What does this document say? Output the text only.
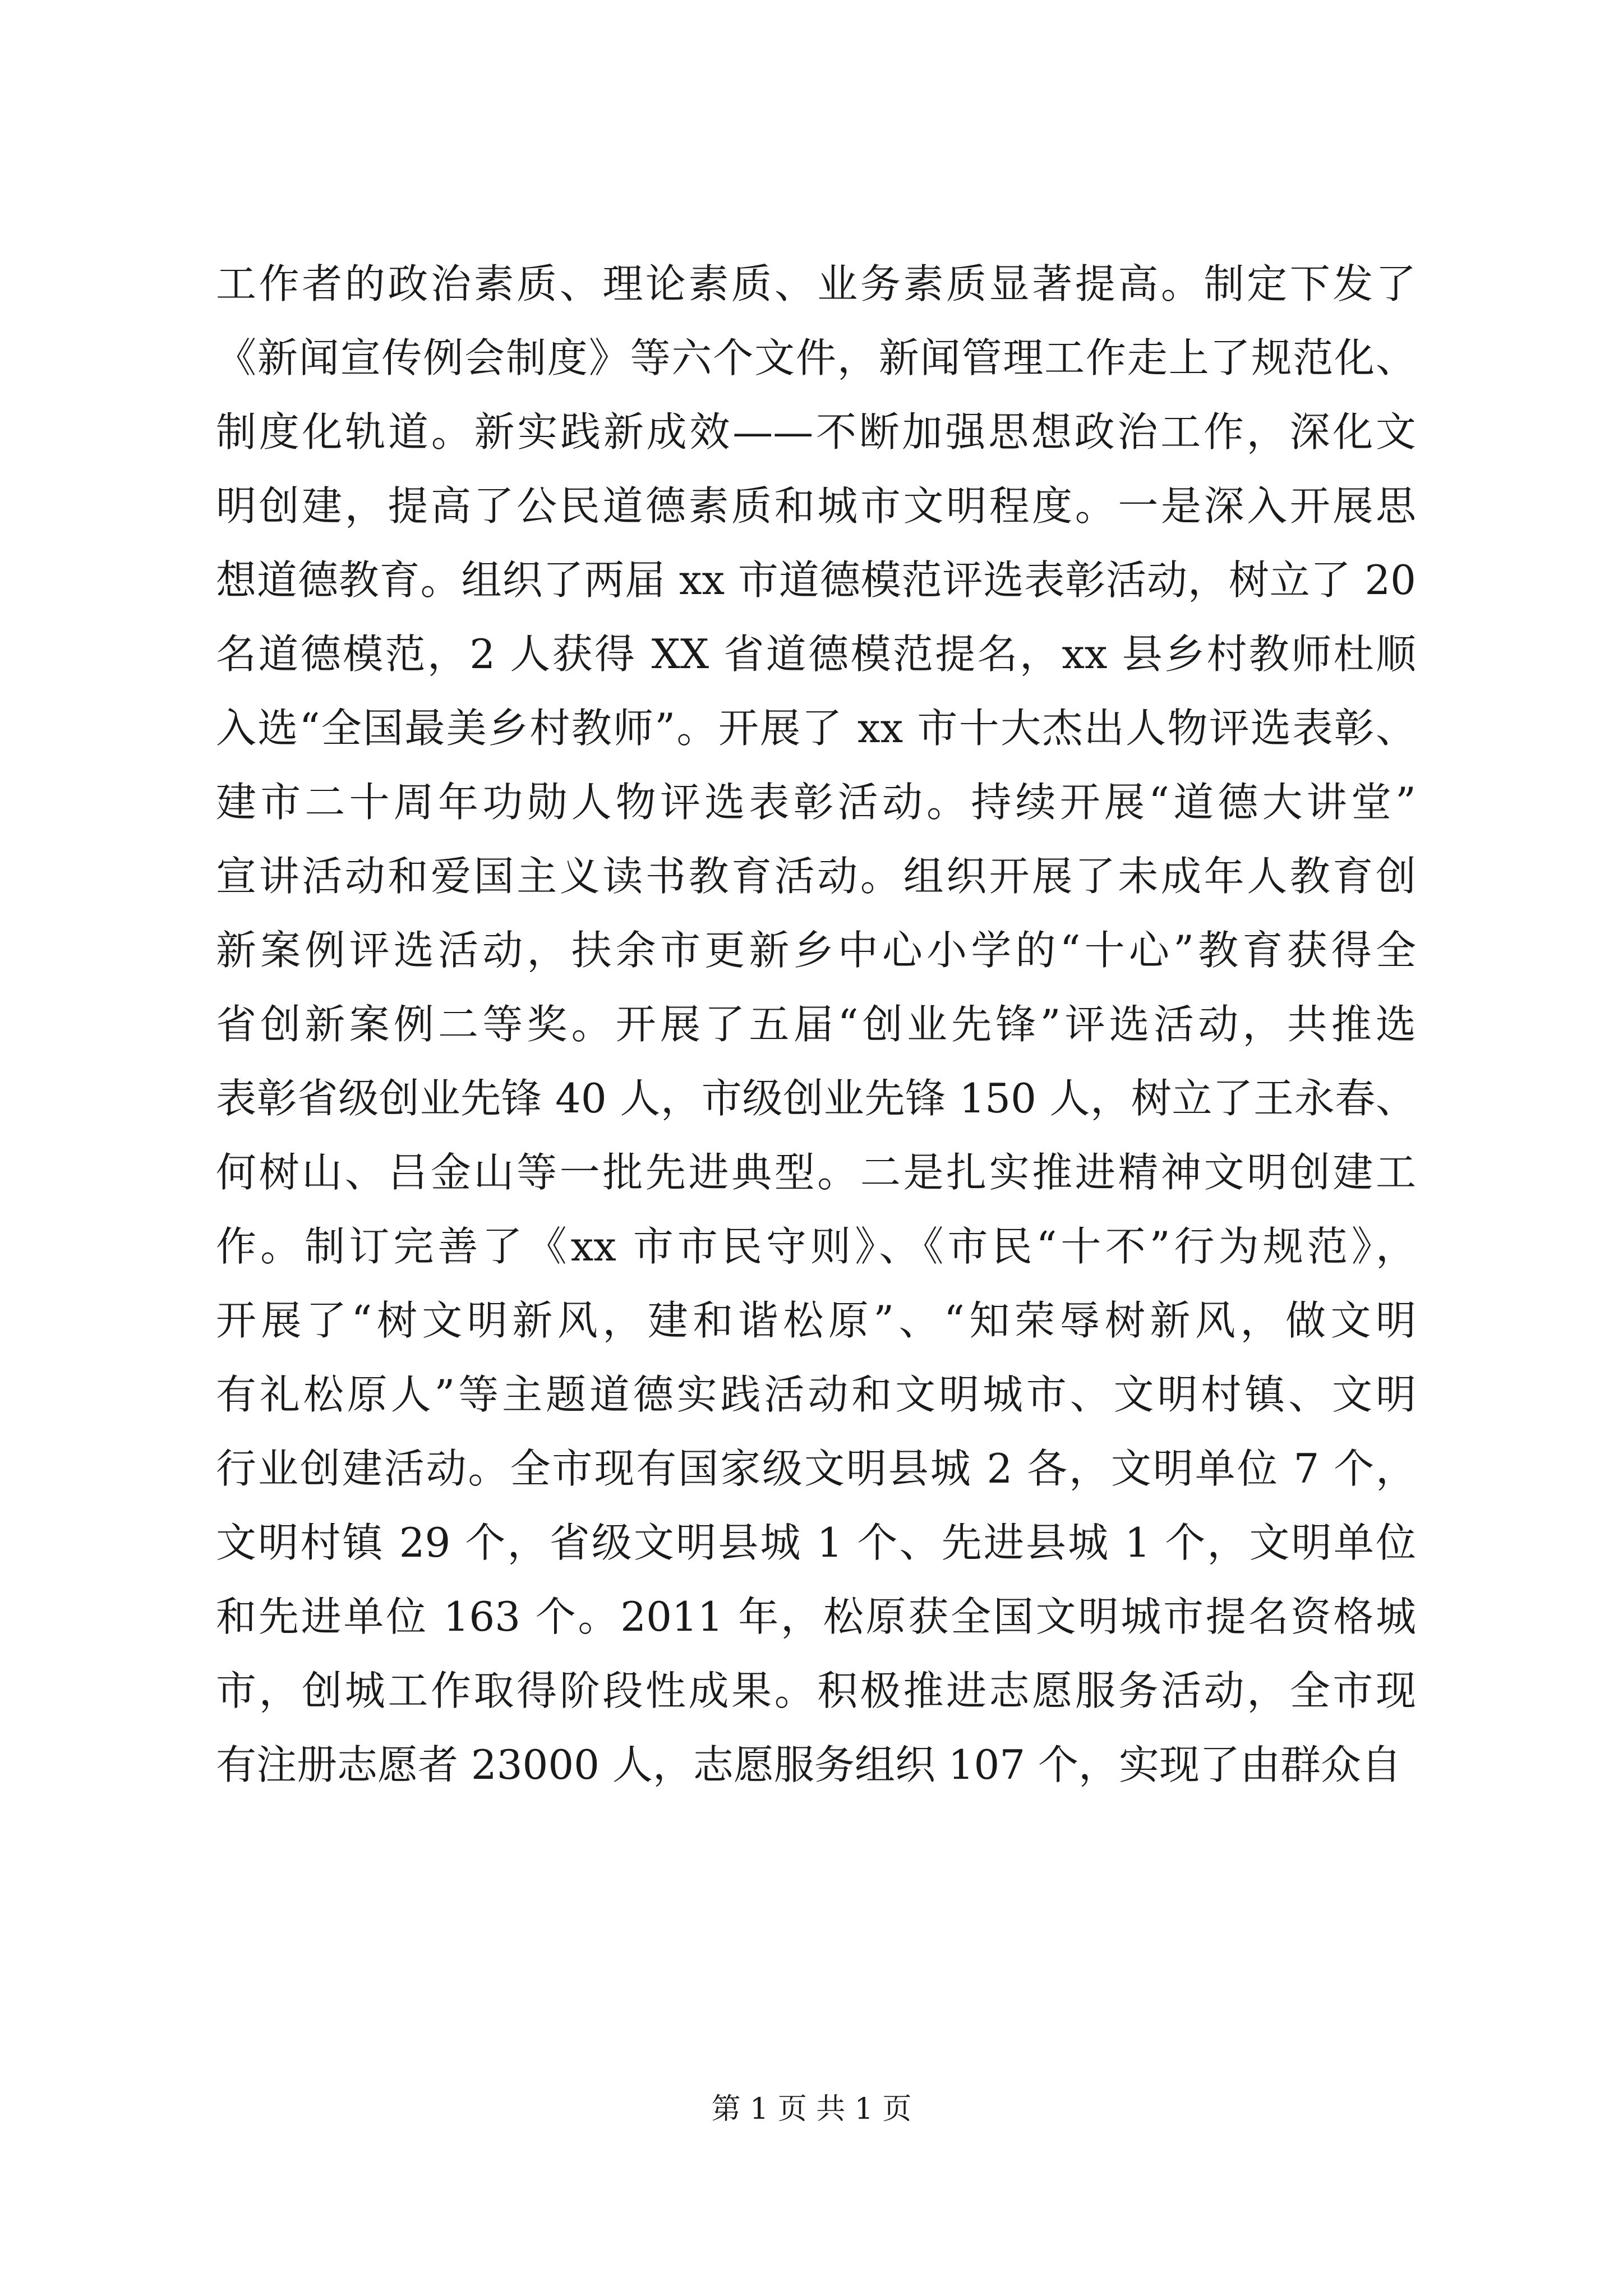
工作者的政治素质、理论素质、业务素质显著提高。制定下发了
《新闻宣传例会制度》等六个文件，新闻管理工作走上了规范化、
制度化轨道。新实践新成效——不断加强思想政治工作，深化文
明创建，提高了公民道德素质和城市文明程度。一是深入开展思
想道德教育。组织了两届 xx 市道德模范评选表彰活动，树立了 20
名道德模范，2 人获得 XX 省道德模范提名，xx 县乡村教师杜顺
入选“全国最美乡村教师”。开展了 xx 市十大杰出人物评选表彰、
建市二十周年功勋人物评选表彰活动。持续开展“道德大讲堂”
宣讲活动和爱国主义读书教育活动。组织开展了未成年人教育创
新案例评选活动，扶余市更新乡中心小学的“十心”教育获得全
省创新案例二等奖。开展了五届“创业先锋”评选活动，共推选
表彰省级创业先锋 40 人，市级创业先锋 150 人，树立了王永春、
何树山、吕金山等一批先进典型。二是扎实推进精神文明创建工
作。制订完善了《xx 市市民守则》、《市民“十不”行为规范》，
开展了“树文明新风，建和谐松原”、“知荣辱树新风，做文明
有礼松原人”等主题道德实践活动和文明城市、文明村镇、文明
行业创建活动。全市现有国家级文明县城 2 各，文明单位 7 个，
文明村镇 29 个，省级文明县城 1 个、先进县城 1 个，文明单位
和先进单位 163 个。2011 年，松原获全国文明城市提名资格城
市，创城工作取得阶段性成果。积极推进志愿服务活动，全市现
有注册志愿者 23000 人，志愿服务组织 107 个，实现了由群众自
第 1 页 共 1 页
